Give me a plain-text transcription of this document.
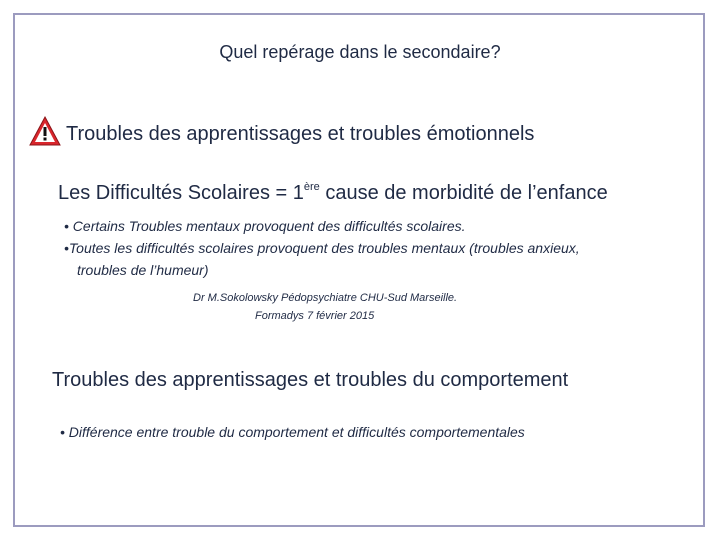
Quel repérage dans le secondaire?
Troubles des apprentissages et troubles émotionnels
Les Difficultés Scolaires = 1ère cause de morbidité de l’enfance
• Certains Troubles mentaux provoquent des difficultés scolaires.
•Toutes les difficultés scolaires provoquent des troubles mentaux (troubles anxieux,
troubles de l’humeur)
Dr M.Sokolowsky Pédopsychiatre CHU-Sud Marseille.
Formadys 7 février 2015
Troubles des apprentissages et troubles du comportement
• Différence entre trouble du comportement et difficultés comportementales
